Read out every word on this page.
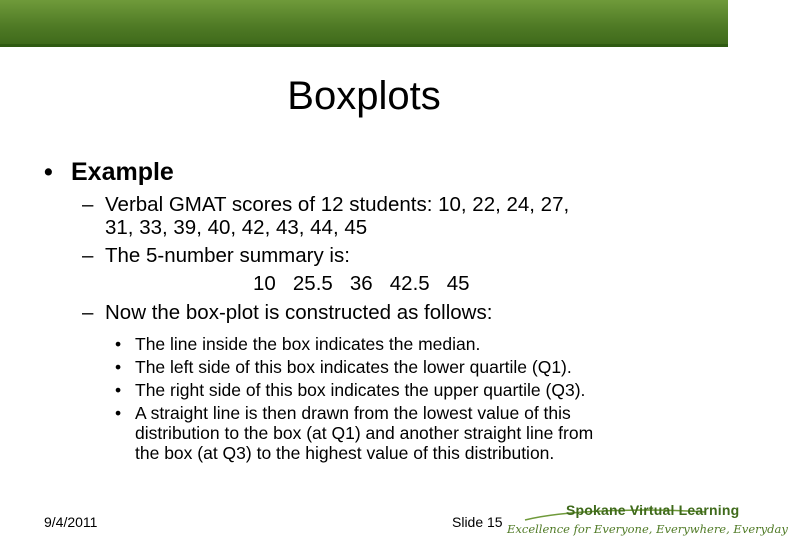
Boxplots
• Example
– Verbal GMAT scores of 12 students: 10, 22, 24, 27,
31, 33, 39, 40, 42, 43, 44, 45
– The 5-number summary is:
10   25.5   36   42.5   45
– Now the box-plot is constructed as follows:
• The line inside the box indicates the median.
• The left side of this box indicates the lower quartile (Q1).
• The right side of this box indicates the upper quartile (Q3).
• A straight line is then drawn from the lowest value of this
distribution to the box (at Q1) and another straight line from
the box (at Q3) to the highest value of this distribution.
9/4/2011	Slide 15
Spokane Virtual Learning
Excellence for Everyone, Everywhere, Everyday
